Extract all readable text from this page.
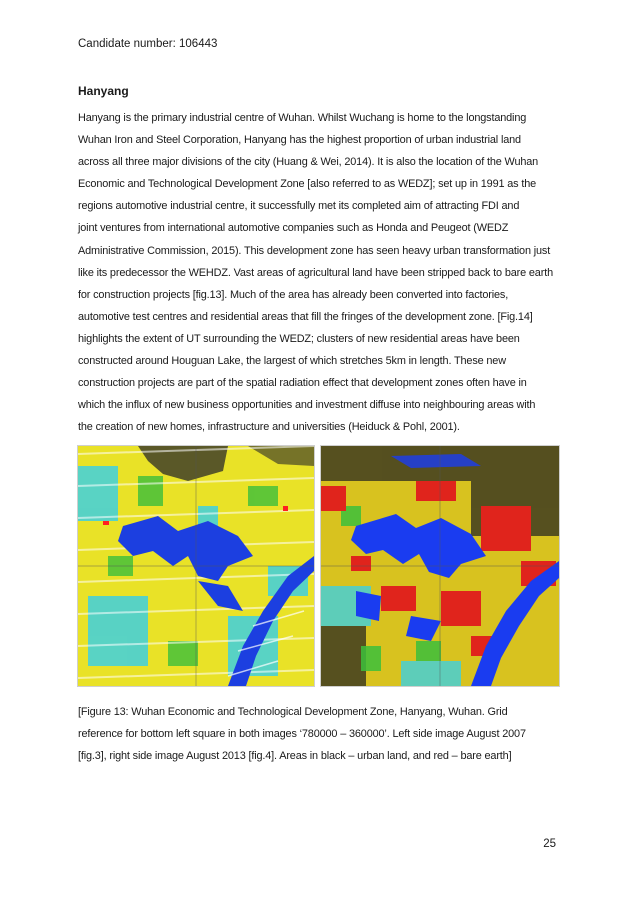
Candidate number: 106443
Hanyang
Hanyang is the primary industrial centre of Wuhan. Whilst Wuchang is home to the longstanding
Wuhan Iron and Steel Corporation, Hanyang has the highest proportion of urban industrial land
across all three major divisions of the city (Huang & Wei, 2014). It is also the location of the Wuhan
Economic and Technological Development Zone [also referred to as WEDZ]; set up in 1991 as the
regions automotive industrial centre, it successfully met its completed aim of attracting FDI and
joint ventures from international automotive companies such as Honda and Peugeot (WEDZ
Administrative Commission, 2015). This development zone has seen heavy urban transformation just
like its predecessor the WEHDZ. Vast areas of agricultural land have been stripped back to bare earth
for construction projects [fig.13]. Much of the area has already been converted into factories,
automotive test centres and residential areas that fill the fringes of the development zone. [Fig.14]
highlights the extent of UT surrounding the WEDZ; clusters of new residential areas have been
constructed around Houguan Lake, the largest of which stretches 5km in length. These new
construction projects are part of the spatial radiation effect that development zones often have in
which the influx of new business opportunities and investment diffuse into neighbouring areas with
the creation of new homes, infrastructure and universities (Heiduck & Pohl, 2001).
[Figure 13: Wuhan Economic and Technological Development Zone, Hanyang, Wuhan. Grid
reference for bottom left square in both images ‘780000 – 360000’. Left side image August 2007
[fig.3], right side image August 2013 [fig.4]. Areas in black – urban land, and red – bare earth]
25
